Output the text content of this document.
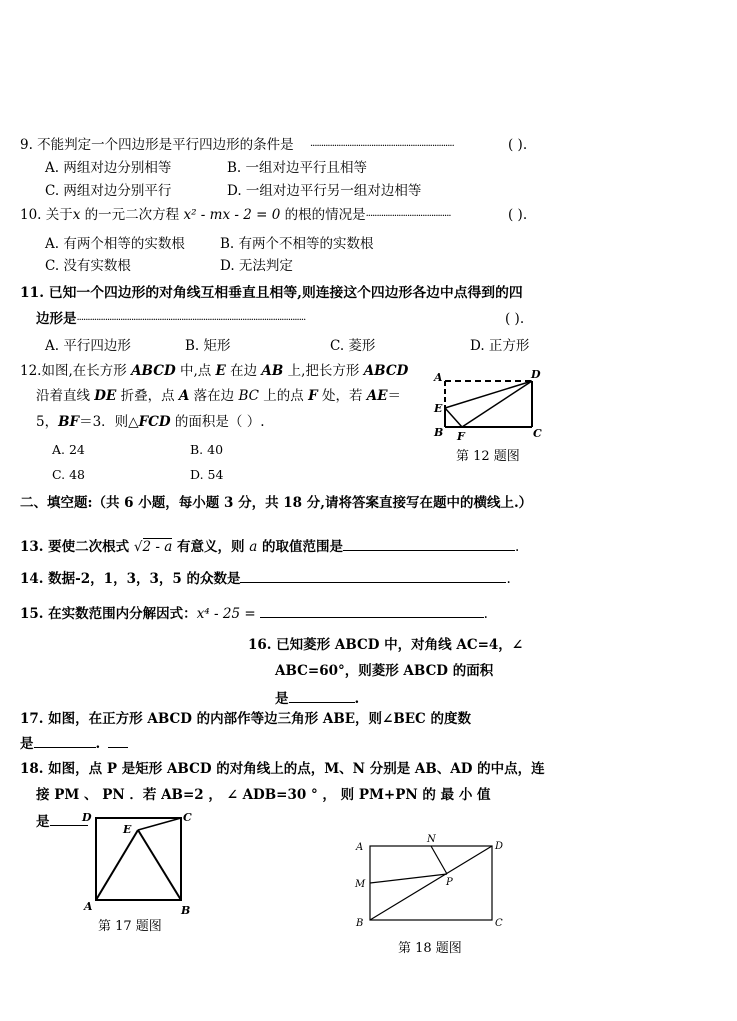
9. 不能判定一个四边形是平行四边形的条件是 ··································································	( ).
A. 两组对边分别相等	B. 一组对边平行且相等
C. 两组对边分别平行	D. 一组对边平行另一组对边相等
10. 关于x 的一元二次方程 x² - mx - 2 = 0 的根的情况是·······································	( ).
A. 有两个相等的实数根	B. 有两个不相等的实数根
C. 没有实数根	D. 无法判定
11. 已知一个四边形的对角线互相垂直且相等,则连接这个四边形各边中点得到的四
边形是·········································································································	( ).
A. 平行四边形	B. 矩形	C. 菱形	D. 正方形
12.如图,在长方形 ABCD 中,点 E 在边 AB 上,把长方形 ABCD
沿着直线 DE 折叠，点 A 落在边 BC 上的点 F 处，若 AE＝
5，BF＝3．则△FCD 的面积是（ ）.
A. 24	B. 40
C. 48	D. 54
A
E
B F	C
D
第 12 题图
二、填空题:（共 6 小题，每小题 3 分，共 18 分,请将答案直接写在题中的横线上.）
13. 要使二次根式 √2 - a 有意义，则 a 的取值范围是	.
14. 数据-2，1，3，3，5 的众数是	.
15. 在实数范围内分解因式：x⁴ - 25 =	.
16. 已知菱形 ABCD 中，对角线 AC=4，∠
ABC=60°，则菱形 ABCD 的面积
是	.
17. 如图，在正方形 ABCD 的内部作等边三角形 ABE，则∠BEC 的度数
是	.
18. 如图，点 P 是矩形 ABCD 的对角线上的点，M、N 分别是 AB、AD 的中点，连
接 PM 、 PN ．若 AB=2 ， ∠ ADB=30 ° ， 则 PM+PN 的 最 小 值
是	D	C
E
A	B
第 17 题图
A
N
D
M	P
B	C
第 18 题图
